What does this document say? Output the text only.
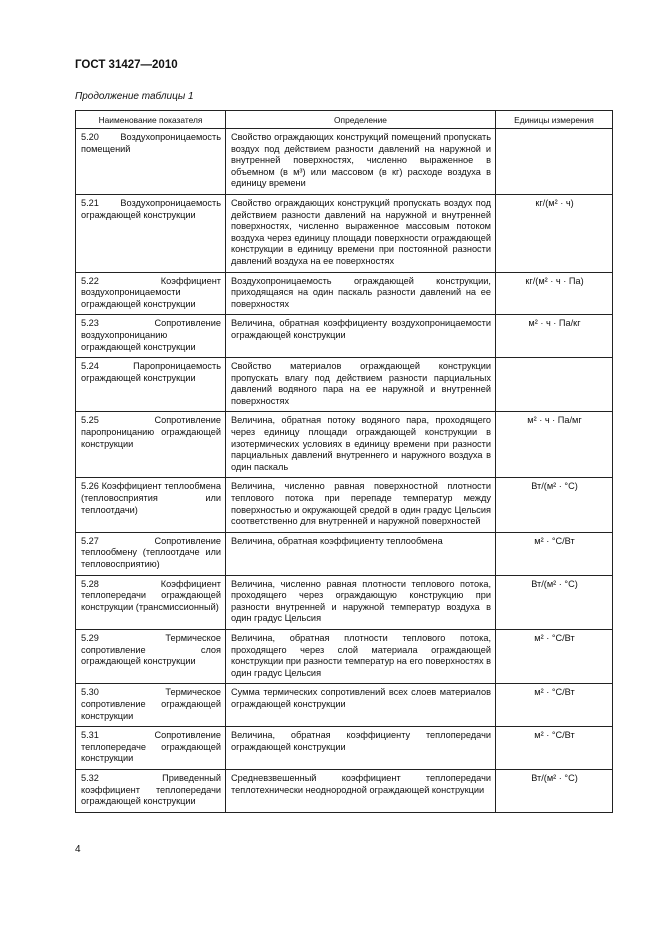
ГОСТ 31427—2010
Продолжение таблицы 1
Наименование показателя	Определение	Единицы измерения
5.20 Воздухопроницаемость помещений	Свойство ограждающих конструкций помещений пропускать воздух под действием разности давлений на наружной и внутренней поверхностях, численно выраженное в объемном (в м³) или массовом (в кг) расходе воздуха в единицу времени	
5.21 Воздухопроницаемость ограждающей конструкции	Свойство ограждающих конструкций пропускать воздух под действием разности давлений на наружной и внутренней поверхностях, численно выраженное массовым потоком воздуха через единицу площади поверхности ограждающей конструкции в единицу времени при постоянной разности давлений воздуха на ее поверхностях	кг/(м² · ч)
5.22 Коэффициент воздухопроницаемости ограждающей конструкции	Воздухопроницаемость ограждающей конструкции, приходящаяся на один паскаль разности давлений на ее поверхностях	кг/(м² · ч · Па)
5.23 Сопротивление воздухопроницанию ограждающей конструкции	Величина, обратная коэффициенту воздухопроницаемости ограждающей конструкции	м² · ч · Па/кг
5.24 Паропроницаемость ограждающей конструкции	Свойство материалов ограждающей конструкции пропускать влагу под действием разности парциальных давлений водяного пара на ее наружной и внутренней поверхностях	
5.25 Сопротивление паропроницанию ограждающей конструкции	Величина, обратная потоку водяного пара, проходящего через единицу площади ограждающей конструкции в изотермических условиях в единицу времени при разности парциальных давлений внутреннего и наружного воздуха в один паскаль	м² · ч · Па/мг
5.26 Коэффициент теплообмена (тепловосприятия или теплоотдачи)	Величина, численно равная поверхностной плотности теплового потока при перепаде температур между поверхностью и окружающей средой в один градус Цельсия соответственно для внутренней и наружной поверхностей	Вт/(м² · °С)
5.27 Сопротивление теплообмену (теплоотдаче или тепловосприятию)	Величина, обратная коэффициенту теплообмена	м² · °С/Вт
5.28 Коэффициент теплопередачи ограждающей конструкции (трансмиссионный)	Величина, численно равная плотности теплового потока, проходящего через ограждающую конструкцию при разности внутренней и наружной температур воздуха в один градус Цельсия	Вт/(м² · °С)
5.29 Термическое сопротивление слоя ограждающей конструкции	Величина, обратная плотности теплового потока, проходящего через слой материала ограждающей конструкции при разности температур на его поверхностях в один градус Цельсия	м² · °С/Вт
5.30 Термическое сопротивление ограждающей конструкции	Сумма термических сопротивлений всех слоев материалов ограждающей конструкции	м² · °С/Вт
5.31 Сопротивление теплопередаче ограждающей конструкции	Величина, обратная коэффициенту теплопередачи ограждающей конструкции	м² · °С/Вт
5.32 Приведенный коэффициент теплопередачи ограждающей конструкции	Средневзвешенный коэффициент теплопередачи теплотехнически неоднородной ограждающей конструкции	Вт/(м² · °С)
4
